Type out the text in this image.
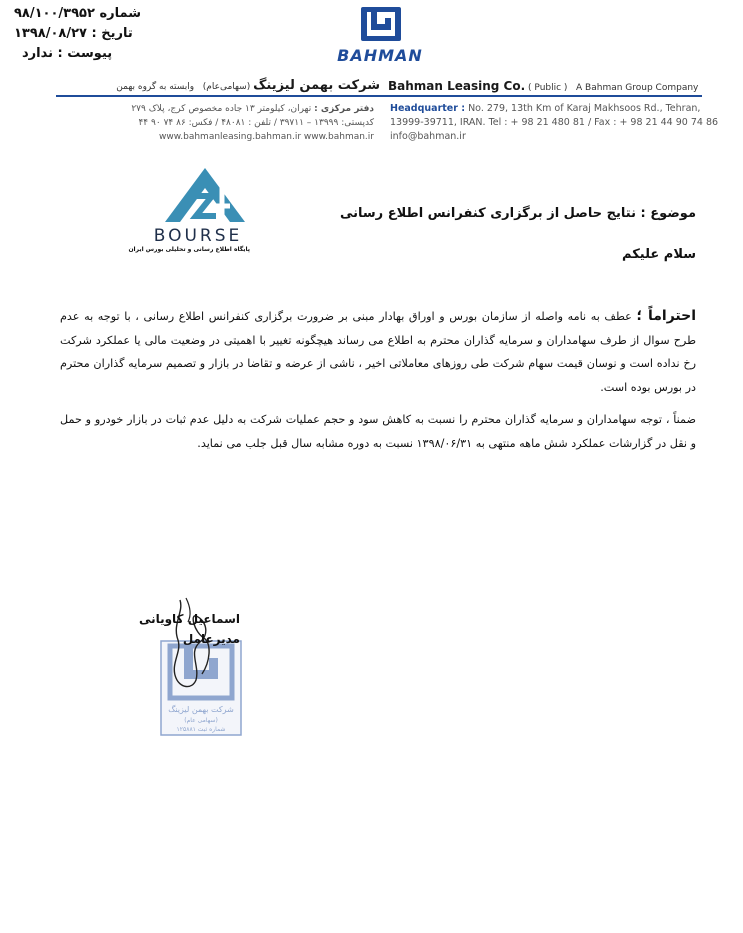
شماره ۹۸/۱۰۰/۳۹۵۲
تاریخ : ۱۳۹۸/۰۸/۲۷
پیوست : ندارد	BAHMAN
شرکت بهمن لیزینگ (سهامی‌عام)   وابسته به گروه بهمن	Bahman Leasing Co. ( Public ) A Bahman Group Company
دفتر مرکزی : تهران، کیلومتر ۱۳ جاده مخصوص کرج، پلاک ۲۷۹
کدپستی: ۱۳۹۹۹ – ۳۹۷۱۱ / تلفن : ۴۸۰۸۱ / فکس: ۸۶ ۷۴ ۹۰ ۴۴
www.bahmanleasing.bahman.ir www.bahman.ir
Headquarter : No. 279, 13th Km of Karaj Makhsoos Rd., Tehran,
13999-39711, IRAN. Tel : + 98 21 480 81 / Fax : + 98 21 44 90 74 86
info@bahman.ir
BOURSE
پایگاه اطلاع رسانی و تحلیلی بورس ایران
موضوع : نتایج حاصل از برگزاری کنفرانس اطلاع رسانی
سلام علیکم

احتراماً ؛ عطف به نامه واصله از سازمان بورس و اوراق بهادار مبنی بر ضرورت برگزاری کنفرانس اطلاع رسانی ، با توجه به عدم طرح سوال از طرف سهامداران و سرمایه گذاران محترم به اطلاع می رساند هیچگونه تغییر با اهمیتی در وضعیت مالی یا عملکرد شرکت رخ نداده است و نوسان قیمت سهام شرکت طی روزهای معاملاتی اخیر ، ناشی از عرضه و تقاضا در بازار و تصمیم سرمایه گذاران محترم در بورس بوده است.

ضمناً ، توجه سهامداران و سرمایه گذاران محترم را نسبت به کاهش سود و حجم عملیات شرکت به دلیل عدم ثبات در بازار خودرو و حمل و نقل در گزارشات عملکرد شش ماهه منتهی به ۱۳۹۸/۰۶/۳۱ نسبت به دوره مشابه سال قبل جلب می نمايد.

شرکت بهمن لیزینگ
(سهامی عام)
شماره ثبت ۱۲۵۸۸۱
اسماعیل کاویانی
مدیرعامل
